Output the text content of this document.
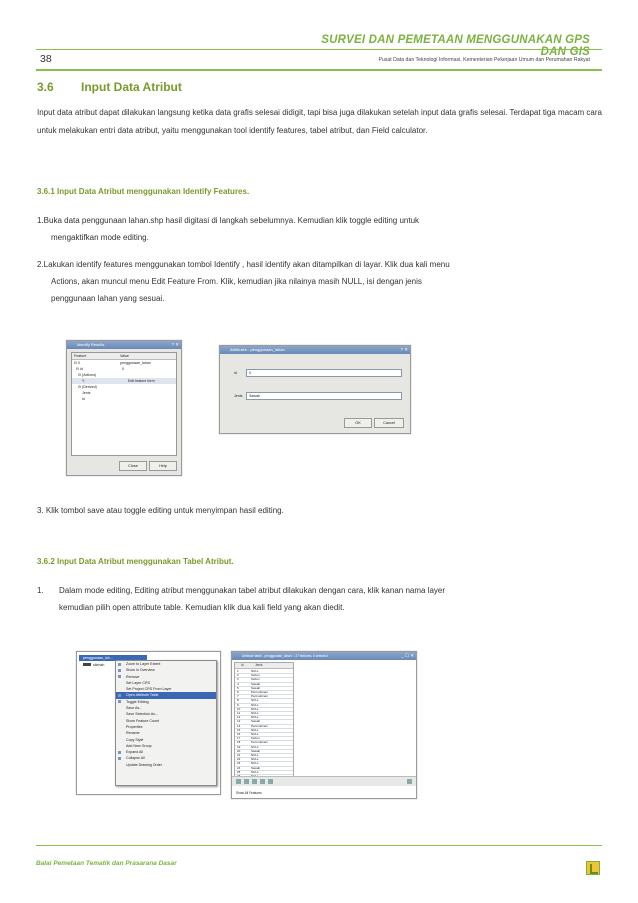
SURVEI DAN PEMETAAN MENGGUNAKAN GPS DAN GIS
38	Pusat Data dan Teknologi Informasi, Kementerian Pekerjaan Umum dan Perumahan Rakyat
3.6 Input Data Atribut
Input data atribut dapat dilakukan langsung ketika data grafis selesai didigit, tapi bisa juga dilakukan setelah input data grafis selesai. Terdapat tiga macam cara untuk melakukan entri data atribut, yaitu menggunakan tool identify features, tabel atribut, dan Field calculator.
3.6.1 Input Data Atribut menggunakan Identify Features.
1.Buka data penggunaan lahan.shp hasil digitasi di langkah sebelumnya. Kemudian klik toggle editing untuk
mengaktifkan mode editing.
2.Lakukan identify features menggunakan tombol Identify , hasil identify akan ditampilkan di layar. Klik dua kali menu
Actions, akan muncul menu Edit Feature From. Klik, kemudian jika nilainya masih NULL, isi dengan jenis
penggunaan lahan yang sesuai.
Identify Results	? ✕
Feature	Value
⊟ 0	penggunaan_lahan
⊟ id	0
⊟ (Actions)
✎	Edit feature form
⊟ (Derived)
Jenis
id
Close	Help
Attributes - penggunaan_lahan	? ✕
id	0
Jenis	Sawah
OK	Cancel
3. Klik tombol save atau toggle editing untuk menyimpan hasil editing.
3.6.2 Input Data Atribut menggunakan Tabel Atribut.
1. Dalam mode editing, Editing atribut menggunakan tabel atribut dilakukan dengan cara, klik kanan nama layer
kemudian pilih open attribute table. Kemudian klik dua kali field yang akan diedit.
penggunaan_lah...
sikmah	Zoom to Layer Extent
Show in Overview
Remove
Set Layer CRS
Set Project CRS From Layer
Open Attribute Table
Toggle Editing
Save As...
Save Selection As...
Show Feature Count
Properties
Rename
Copy Style
Add New Group
Expand All
Collapse All
Update Drawing Order
Attribute table - penggunaan_lahan :: 27 features, 0 selected	_ ☐ ✕
id	Jenis
1	NULL
2	Kebun
3	Kebun
4	Sawah
5	Sawah
6	Permukiman
7	Permukiman
8	NULL
9	NULL
10	NULL
11	NULL
12	NULL
13	Sawah
14	Permukiman
15	NULL
16	NULL
17	Kebun
18	Permukiman
19	NULL
20	Sawah
21	NULL
22	NULL
23	NULL
24	Sawah
25	NULL
Show All Features
Balai Pemetaan Tematik dan Prasarana Dasar
